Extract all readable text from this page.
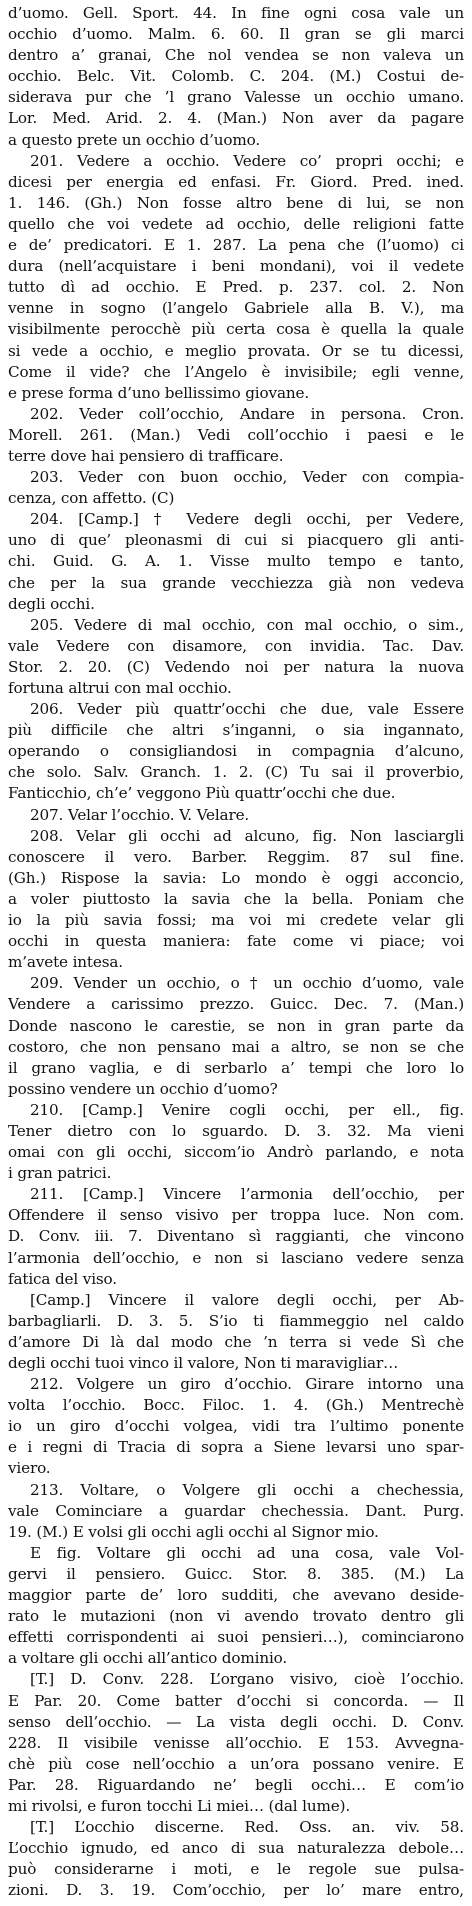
d’uomo. Gell. Sport. 44. In fine ogni cosa vale un
occhio d’uomo. Malm. 6. 60. Il gran se gli marci
dentro a’ granai, Che nol vendea se non valeva un
occhio. Belc. Vit. Colomb. C. 204. (M.) Costui de-
siderava pur che ’l grano Valesse un occhio umano.
Lor. Med. Arid. 2. 4. (Man.) Non aver da pagare
a questo prete un occhio d’uomo.
201. Vedere a occhio. Vedere co’ propri occhi; e
dicesi per energia ed enfasi. Fr. Giord. Pred. ined.
1. 146. (Gh.) Non fosse altro bene di lui, se non
quello che voi vedete ad occhio, delle religioni fatte
e de’ predicatori. E 1. 287. La pena che (l’uomo) ci
dura (nell’acquistare i beni mondani), voi il vedete
tutto dì ad occhio. E Pred. p. 237. col. 2. Non
venne in sogno (l’angelo Gabriele alla B. V.), ma
visibilmente perocchè più certa cosa è quella la quale
si vede a occhio, e meglio provata. Or se tu dicessi,
Come il vide? che l’Angelo è invisibile; egli venne,
e prese forma d’uno bellissimo giovane.
202. Veder coll’occhio, Andare in persona. Cron.
Morell. 261. (Man.) Vedi coll’occhio i paesi e le
terre dove hai pensiero di trafficare.
203. Veder con buon occhio, Veder con compia-
cenza, con affetto. (C)
204. [Camp.] † Vedere degli occhi, per Vedere,
uno di que’ pleonasmi di cui si piacquero gli anti-
chi. Guid. G. A. 1. Visse multo tempo e tanto,
che per la sua grande vecchiezza già non vedeva
degli occhi.
205. Vedere di mal occhio, con mal occhio, o sim.,
vale Vedere con disamore, con invidia. Tac. Dav.
Stor. 2. 20. (C) Vedendo noi per natura la nuova
fortuna altrui con mal occhio.
206. Veder più quattr’occhi che due, vale Essere
più difficile che altri s’inganni, o sia ingannato,
operando o consigliandosi in compagnia d’alcuno,
che solo. Salv. Granch. 1. 2. (C) Tu sai il proverbio,
Fanticchio, ch’e’ veggono Più quattr’occhi che due.
207. Velar l’occhio. V. Velare.
208. Velar gli occhi ad alcuno, fig. Non lasciargli
conoscere il vero. Barber. Reggim. 87 sul fine.
(Gh.) Rispose la savia: Lo mondo è oggi acconcio,
a voler piuttosto la savia che la bella. Poniam che
io la più savia fossi; ma voi mi credete velar gli
occhi in questa maniera: fate come vi piace; voi
m’avete intesa.
209. Vender un occhio, o † un occhio d’uomo, vale
Vendere a carissimo prezzo. Guicc. Dec. 7. (Man.)
Donde nascono le carestie, se non in gran parte da
costoro, che non pensano mai a altro, se non se che
il grano vaglia, e di serbarlo a’ tempi che loro lo
possino vendere un occhio d’uomo?
210. [Camp.] Venire cogli occhi, per ell., fig.
Tener dietro con lo sguardo. D. 3. 32. Ma vieni
omai con gli occhi, siccom’io Andrò parlando, e nota
i gran patrici.
211. [Camp.] Vincere l’armonia dell’occhio, per
Offendere il senso visivo per troppa luce. Non com.
D. Conv. iii. 7. Diventano sì raggianti, che vincono
l’armonia dell’occhio, e non si lasciano vedere senza
fatica del viso.
[Camp.] Vincere il valore degli occhi, per Ab-
barbagliarli. D. 3. 5. S’io ti fiammeggio nel caldo
d’amore Di là dal modo che ’n terra si vede Sì che
degli occhi tuoi vinco il valore, Non ti maravigliar…
212. Volgere un giro d’occhio. Girare intorno una
volta l’occhio. Bocc. Filoc. 1. 4. (Gh.) Mentrechè
io un giro d’occhi volgea, vidi tra l’ultimo ponente
e i regni di Tracia di sopra a Siene levarsi uno spar-
viero.
213. Voltare, o Volgere gli occhi a chechessia,
vale Cominciare a guardar chechessia. Dant. Purg.
19. (M.) E volsi gli occhi agli occhi al Signor mio.
E fig. Voltare gli occhi ad una cosa, vale Vol-
gervi il pensiero. Guicc. Stor. 8. 385. (M.) La
maggior parte de’ loro sudditi, che avevano deside-
rato le mutazioni (non vi avendo trovato dentro gli
effetti corrispondenti ai suoi pensieri…), cominciarono
a voltare gli occhi all’antico dominio.
[T.] D. Conv. 228. L’organo visivo, cioè l’occhio.
E Par. 20. Come batter d’occhi si concorda. — Il
senso dell’occhio. — La vista degli occhi. D. Conv.
228. Il visibile venisse all’occhio. E 153. Avvegna-
chè più cose nell’occhio a un’ora possano venire. E
Par. 28. Riguardando ne’ begli occhi… E com’io
mi rivolsi, e furon tocchi Li miei… (dal lume).
[T.] L’occhio discerne. Red. Oss. an. viv. 58.
L’occhio ignudo, ed anco di sua naturalezza debole…
può considerarne i moti, e le regole sue pulsa-
zioni. D. 3. 19. Com’occhio, per lo’ mare entro,
